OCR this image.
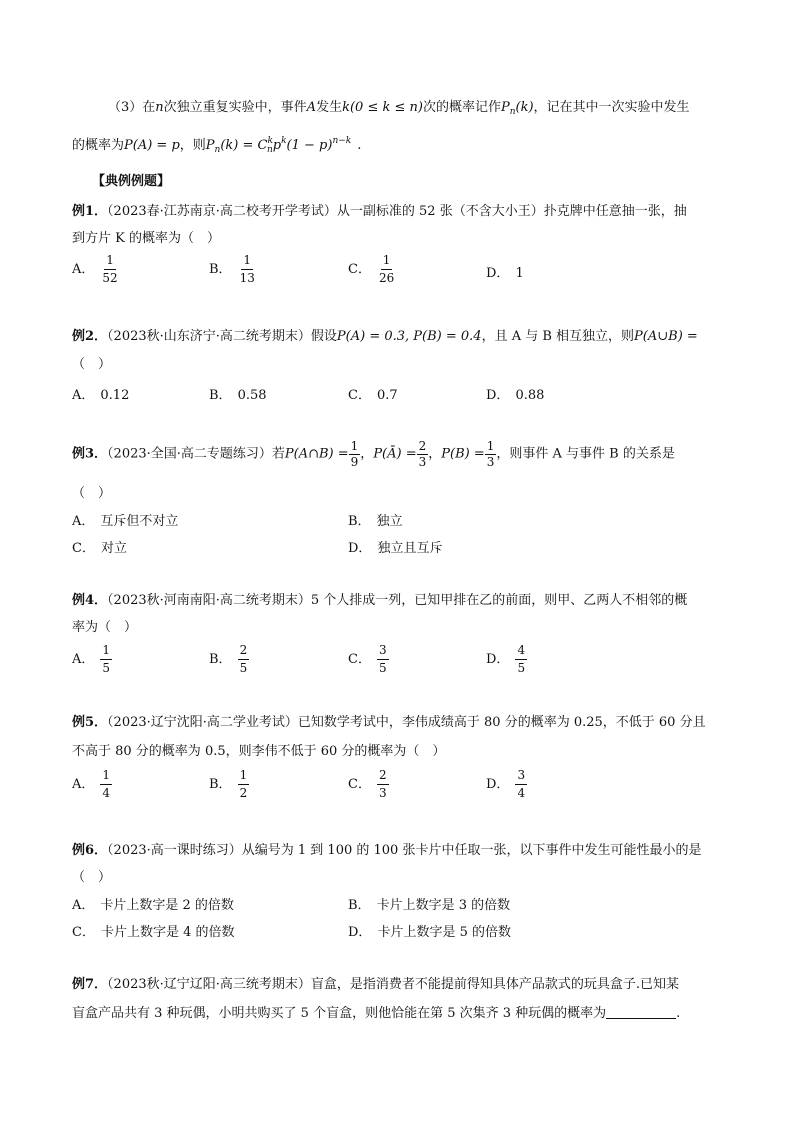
（3）在n次独立重复实验中，事件A发生k(0 ≤ k ≤ n)次的概率记作$P_n(k)$，记在其中一次实验中发生
的概率为P(A) = p，则$P_n(k) = C^k_np^k(1 - p)^{n-k}$ .
【典例例题】
例1．（2023春·江苏南京·高二校考开学考试）从一副标准的 52 张（不含大小王）扑克牌中任意抽一张，抽
到方片 K 的概率为（　）
A． $\frac{1}{52}$	B． $\frac{1}{13}$	C． $\frac{1}{26}$	D． 1
例2．（2023秋·山东济宁·高二统考期末）假设P(A) = 0.3, P(B) = 0.4，且 A 与 B 相互独立，则P(A∪B) =
（　）
A． 0.12	B． 0.58	C． 0.7	D． 0.88
例3．（2023·全国·高二专题练习）若P(A∩B) = $\frac{1}{9}$ ，P(Ā) = $\frac{2}{3}$ ，$P(B) = \frac{1}{3}$ ，则事件 A 与事件 B 的关系是
（　）
A． 互斥但不对立	B． 独立
C． 对立	D． 独立且互斥
例4．（2023秋·河南南阳·高二统考期末）5 个人排成一列，已知甲排在乙的前面，则甲、乙两人不相邻的概
率为（　）
A． $\frac{1}{5}$	B． $\frac{2}{5}$	C． $\frac{3}{5}$	D． $\frac{4}{5}$
例5．（2023·辽宁沈阳·高二学业考试）已知数学考试中，李伟成绩高于 80 分的概率为 0.25，不低于 60 分且
不高于 80 分的概率为 0.5，则李伟不低于 60 分的概率为（　）
A． $\frac{1}{4}$	B． $\frac{1}{2}$	C． $\frac{2}{3}$	D． $\frac{3}{4}$
例6．（2023·高一课时练习）从编号为 1 到 100 的 100 张卡片中任取一张，以下事件中发生可能性最小的是
（　）
A． 卡片上数字是 2 的倍数	B． 卡片上数字是 3 的倍数
C． 卡片上数字是 4 的倍数	D． 卡片上数字是 5 的倍数
例7．（2023秋·辽宁辽阳·高三统考期末）盲盒，是指消费者不能提前得知具体产品款式的玩具盒子.已知某
盲盒产品共有 3 种玩偶，小明共购买了 5 个盲盒，则他恰能在第 5 次集齐 3 种玩偶的概率为	.
